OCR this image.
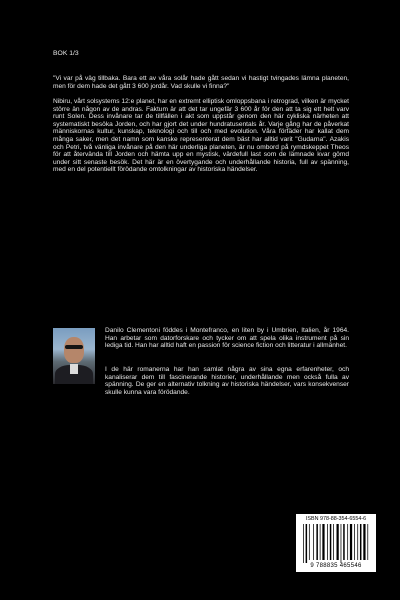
BOK 1/3

"Vi var på väg tillbaka. Bara ett av våra solår hade gått sedan vi hastigt tvingades lämna planeten, men för dem hade det gått 3 600 jordår. Vad skulle vi finna?"

Nibiru, vårt solsystems 12:e planet, har en extremt elliptisk omloppsbana i retrograd, vilken är mycket större än någon av de andras. Faktum är att det tar ungefär 3 600 år för den att ta sig ett helt varv runt Solen. Dess invånare tar de tillfällen i akt som uppstår genom den här cykliska närheten att systematiskt besöka Jorden, och har gjort det under hundratusentals år. Varje gång har de påverkat människornas kultur, kunskap, teknologi och till och med evolution. Våra förfäder har kallat dem många saker, men det namn som kanske representerat dem bäst har alltid varit "Gudarna". Azakis och Petri, två vänliga invånare på den här underliga planeten, är nu ombord på rymdskeppet Theos för att återvända till Jorden och hämta upp en mystisk, värdefull last som de lämnade kvar gömd under sitt senaste besök. Det här är en övertygande och underhållande historia, full av spänning, med en del potentiellt förödande omtolkningar av historiska händelser.

Danilo Clementoni föddes i Montefranco, en liten by i Umbrien, Italien, år 1964. Han arbetar som datorforskare och tycker om att spela olika instrument på sin lediga tid. Han har alltid haft en passion för science fiction och litteratur i allmänhet.

I de här romanerna har han samlat några av sina egna erfarenheter, och kanaliserar dem till fascinerande historier, underhållande men också fulla av spänning. De ger en alternativ tolkning av historiska händelser, vars konsekvenser skulle kunna vara förödande.

ISBN 978-88-354-6554-6
9 788835 465546
